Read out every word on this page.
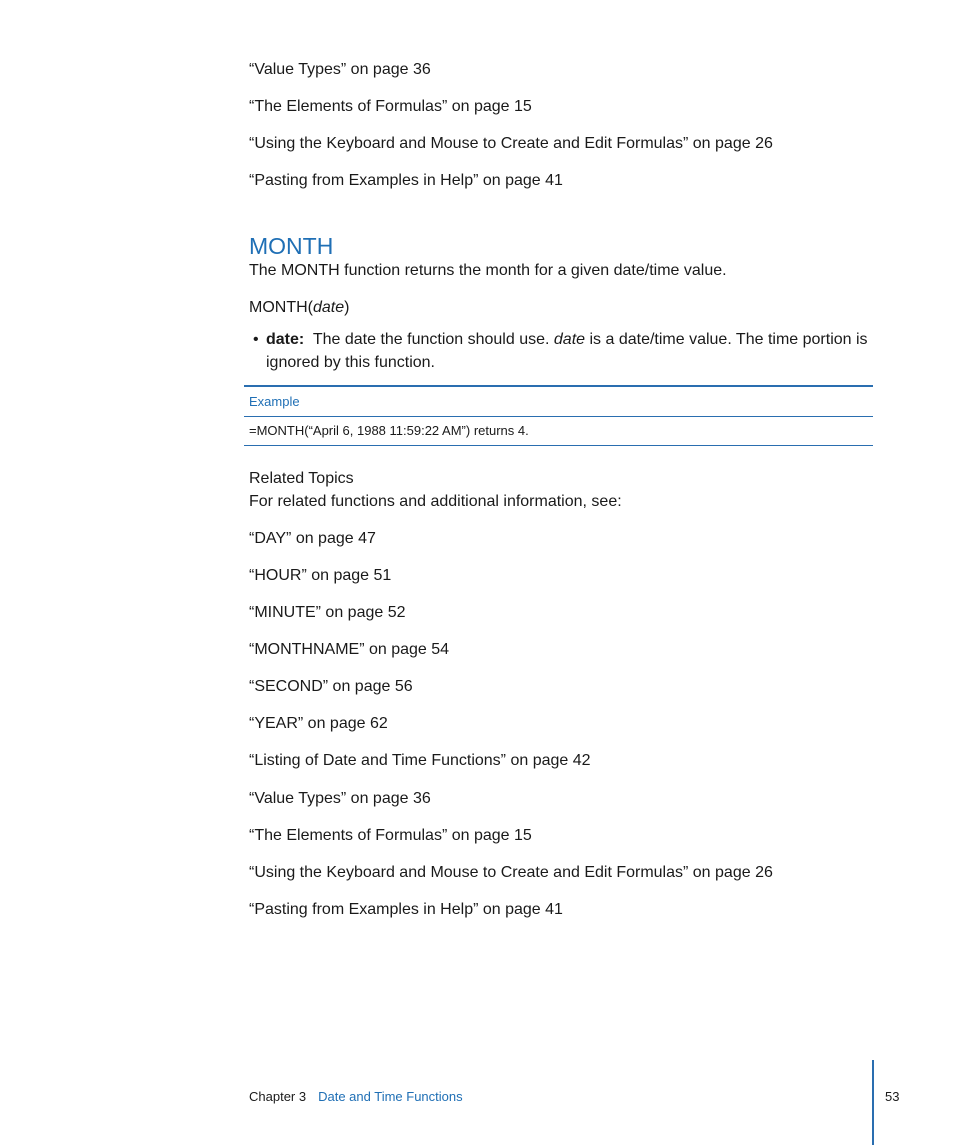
“Value Types” on page 36
“The Elements of Formulas” on page 15
“Using the Keyboard and Mouse to Create and Edit Formulas” on page 26
“Pasting from Examples in Help” on page 41
MONTH
The MONTH function returns the month for a given date/time value.
MONTH(date)
• date:  The date the function should use. date is a date/time value. The time portion is ignored by this function.
Example
=MONTH(“April 6, 1988 11:59:22 AM”) returns 4.
Related Topics
For related functions and additional information, see:
“DAY” on page 47
“HOUR” on page 51
“MINUTE” on page 52
“MONTHNAME” on page 54
“SECOND” on page 56
“YEAR” on page 62
“Listing of Date and Time Functions” on page 42
“Value Types” on page 36
“The Elements of Formulas” on page 15
“Using the Keyboard and Mouse to Create and Edit Formulas” on page 26
“Pasting from Examples in Help” on page 41
Chapter 3 Date and Time Functions	53
